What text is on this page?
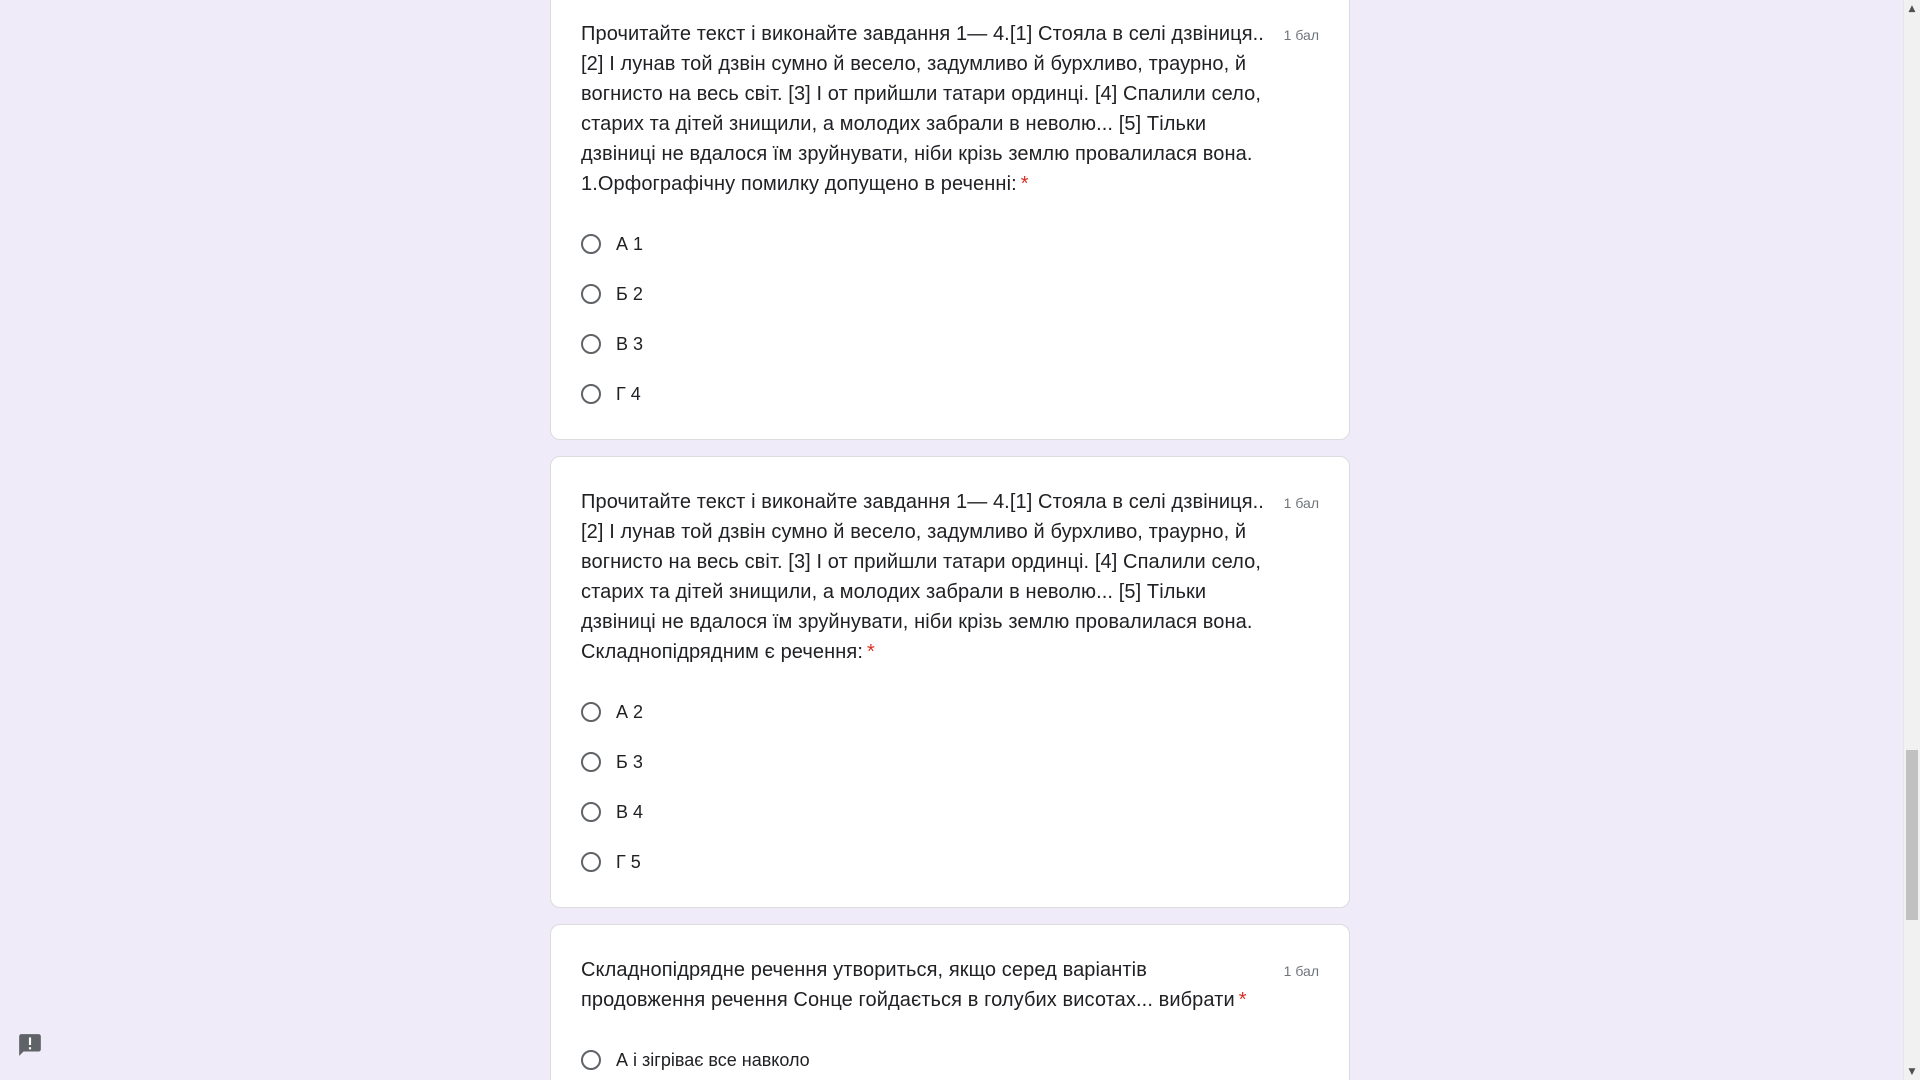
Прочитайте текст і виконайте завдання 1— 4.[1] Стояла в селі дзвіниця.. [2] І лунав той дзвін сумно й весело, задумливо й бурхливо, траурно, й вогнисто на весь світ. [3] І от прийшли татари ординці. [4] Спалили село, старих та дітей знищили, а молодих забрали в неволю... [5] Тільки дзвіниці не вдалося їм зруйнувати, ніби крізь землю провалилася вона. 1.Орфографічну помилку допущено в реченні: *
1 бал
А 1
Б 2
В 3
Г 4
Прочитайте текст і виконайте завдання 1— 4.[1] Стояла в селі дзвіниця.. [2] І лунав той дзвін сумно й весело, задумливо й бурхливо, траурно, й вогнисто на весь світ. [3] І от прийшли татари ординці. [4] Спалили село, старих та дітей знищили, а молодих забрали в неволю... [5] Тільки дзвіниці не вдалося їм зруйнувати, ніби крізь землю провалилася вона. Складнопідрядним є речення: *
1 бал
А 2
Б 3
В 4
Г 5
Складнопідрядне речення утвориться, якщо серед варіантів продовження речення Сонце гойдається в голубих висотах... вибрати *
1 бал
А і зігріває все навколо
▲
▼
